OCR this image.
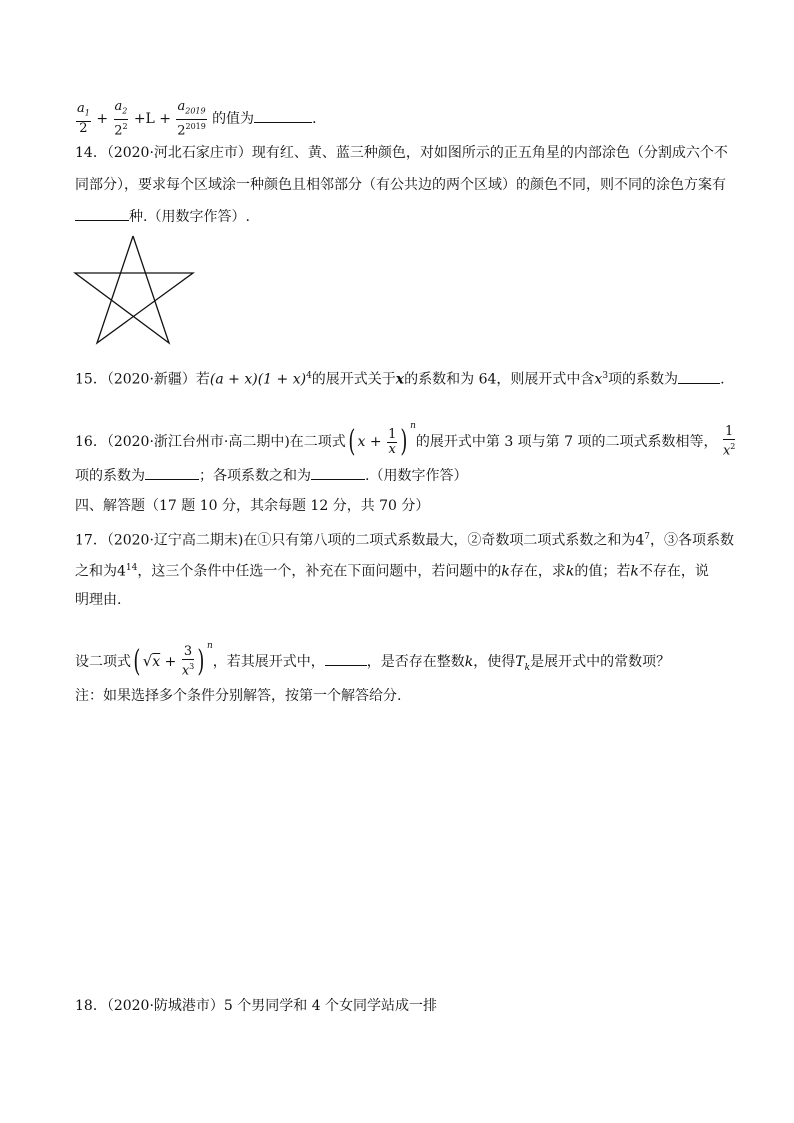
$\frac{a_1}{2} + \frac{a_2}{2^2} +L + \frac{a_{2019}}{2^{2019}}$ 的值为	．
14．（2020·河北石家庄市）现有红、黄、蓝三种颜色，对如图所示的正五角星的内部涂色（分割成六个不
同部分），要求每个区域涂一种颜色且相邻部分（有公共边的两个区域）的颜色不同，则不同的涂色方案有
种.（用数字作答）.
15．（2020·新疆）若$(a + x)(1 + x)^4$的展开式关于x的系数和为 64，则展开式中含$x^3$项的系数为	.
16．（2020·浙江台州市·高二期中)在二项式( $x + \frac{1}{x}$ ) $^n$的展开式中第 3 项与第 7 项的二项式系数相等， $\frac{1}{x^2}$
项的系数为	；各项系数之和为	.（用数字作答）
四、解答题（17 题 10 分，其余每题 12 分，共 70 分）
17．（2020·辽宁高二期末)在①只有第八项的二项式系数最大，②奇数项二项式系数之和为$4^7$，③各项系数
之和为$4^{14}$，这三个条件中任选一个，补充在下面问题中，若问题中的k存在，求k的值；若k不存在，说
明理由.
设二项式( $√x + \frac{3}{x^3}$ ) $^n$，若其展开式中，	，是否存在整数k，使得$T_k$是展开式中的常数项？
注：如果选择多个条件分别解答，按第一个解答给分.
18．（2020·防城港市）5 个男同学和 4 个女同学站成一排
